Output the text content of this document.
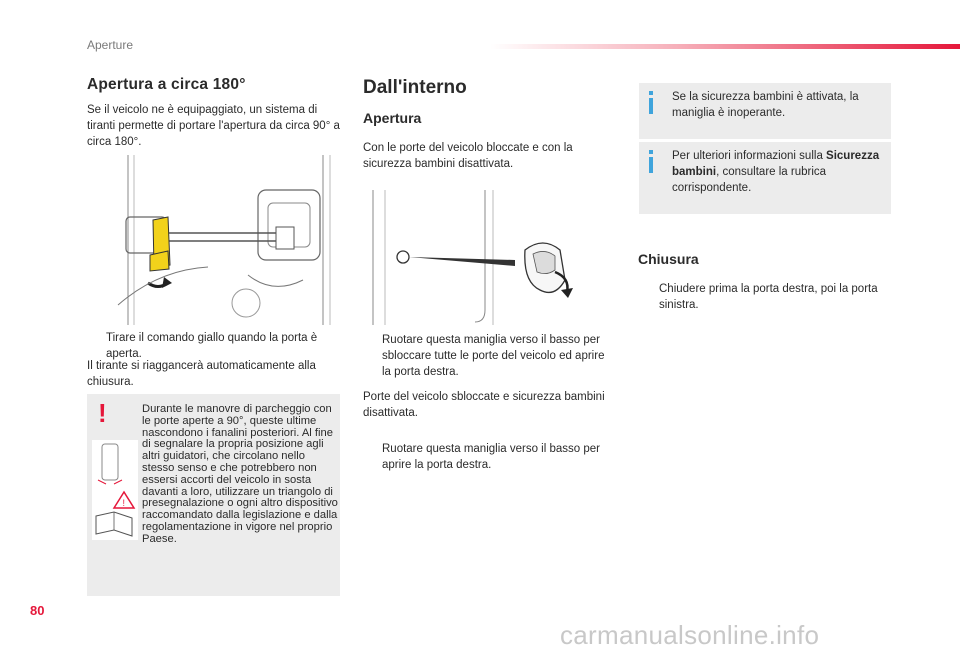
Aperture
Apertura a circa 180°

Se il veicolo ne è equipaggiato, un sistema di tiranti permette di portare l'apertura da circa 90° a circa 180°.

Tirare il comando giallo quando la porta è aperta.

Il tirante si riaggancerà automaticamente alla chiusura.

!
!
Durante le manovre di parcheggio con le porte aperte a 90°, queste ultime nascondono i fanalini posteriori. Al fine di segnalare la propria posizione agli altri guidatori, che circolano nello stesso senso e che potrebbero non essersi accorti del veicolo in sosta davanti a loro, utilizzare un triangolo di presegnalazione o ogni altro dispositivo raccomandato dalla legislazione e dalla regolamentazione in vigore nel proprio Paese.
Dall'interno
Apertura

Con le porte del veicolo bloccate e con la sicurezza bambini disattivata.

Ruotare questa maniglia verso il basso per sbloccare tutte le porte del veicolo ed aprire la porta destra.

Porte del veicolo sbloccate e sicurezza bambini disattivata.

Ruotare questa maniglia verso il basso per aprire la porta destra.
Se la sicurezza bambini è attivata, la maniglia è inoperante.
Per ulteriori informazioni sulla Sicurezza bambini, consultare la rubrica corrispondente.
Chiusura
Chiudere prima la porta destra, poi la porta sinistra.
80
carmanualsonline.info
